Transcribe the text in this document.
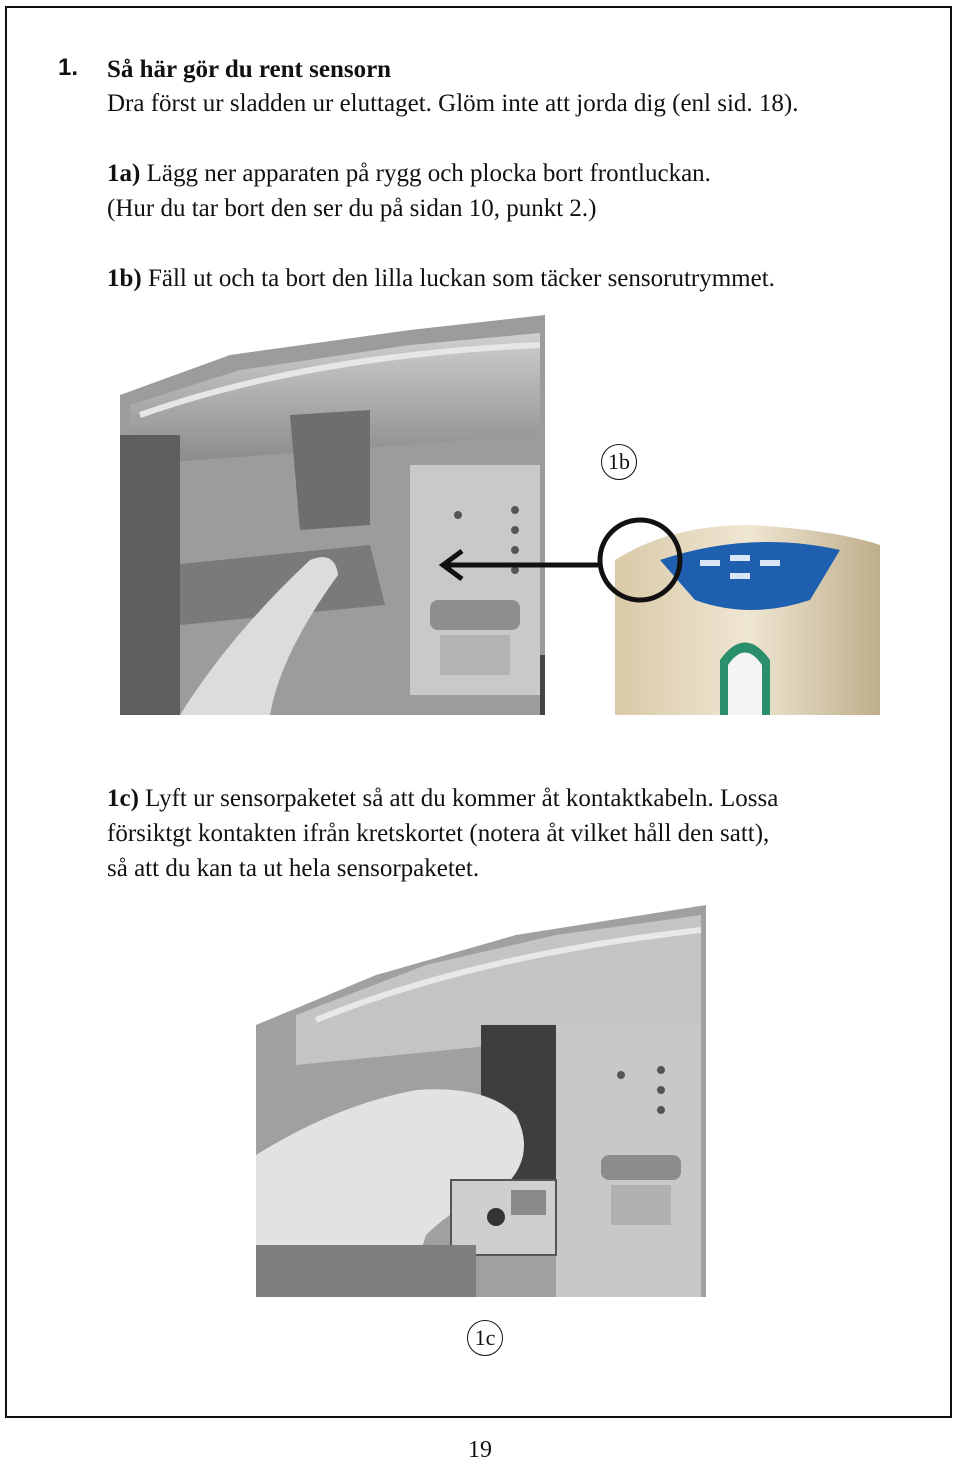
1. Så här gör du rent sensorn
Dra först ur sladden ur eluttaget. Glöm inte att jorda dig (enl sid. 18).
1a) Lägg ner apparaten på rygg och plocka bort frontluckan.
(Hur du tar bort den ser du på sidan 10, punkt 2.)
1b) Fäll ut och ta bort den lilla luckan som täcker sensorutrymmet.
1b
1c) Lyft ur sensorpaketet så att du kommer åt kontaktkabeln. Lossa
försiktgt kontakten ifrån kretskortet (notera åt vilket håll den satt),
så att du kan ta ut hela sensorpaketet.
1c
19
